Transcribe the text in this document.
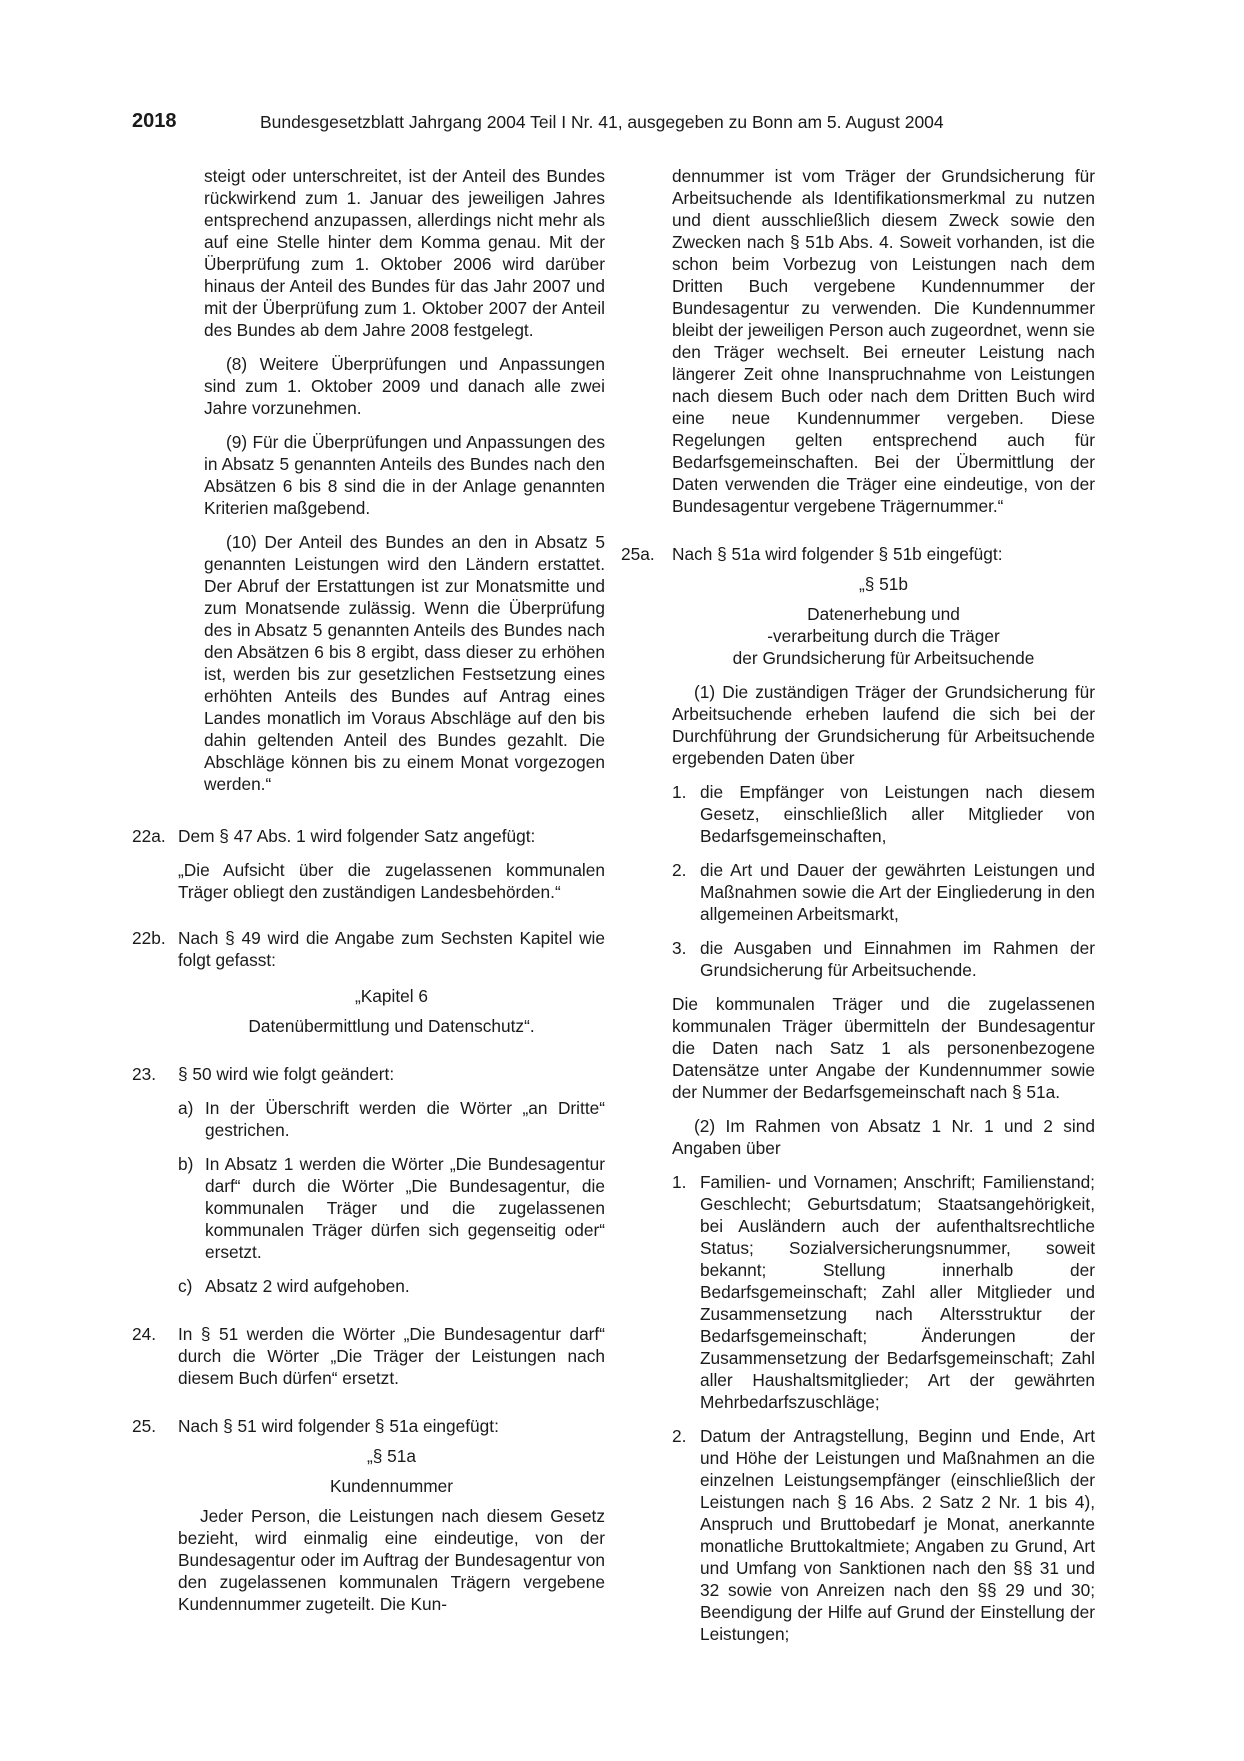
2018	Bundesgesetzblatt Jahrgang 2004 Teil I Nr. 41, ausgegeben zu Bonn am 5. August 2004

steigt oder unterschreitet, ist der Anteil des Bundes rückwirkend zum 1. Januar des jeweiligen Jahres entsprechend anzupassen, allerdings nicht mehr als auf eine Stelle hinter dem Komma genau. Mit der Überprüfung zum 1. Oktober 2006 wird darüber hinaus der Anteil des Bundes für das Jahr 2007 und mit der Überprüfung zum 1. Oktober 2007 der Anteil des Bundes ab dem Jahre 2008 festgelegt.

(8) Weitere Überprüfungen und Anpassungen sind zum 1. Oktober 2009 und danach alle zwei Jahre vorzunehmen.

(9) Für die Überprüfungen und Anpassungen des in Absatz 5 genannten Anteils des Bundes nach den Absätzen 6 bis 8 sind die in der Anlage genannten Kriterien maßgebend.

(10) Der Anteil des Bundes an den in Absatz 5 genannten Leistungen wird den Ländern erstattet. Der Abruf der Erstattungen ist zur Monatsmitte und zum Monatsende zulässig. Wenn die Überprüfung des in Absatz 5 genannten Anteils des Bundes nach den Absätzen 6 bis 8 ergibt, dass dieser zu erhöhen ist, werden bis zur gesetzlichen Festsetzung eines erhöhten Anteils des Bundes auf Antrag eines Landes monatlich im Voraus Abschläge auf den bis dahin geltenden Anteil des Bundes gezahlt. Die Abschläge können bis zu einem Monat vorgezogen werden.“

22a. Dem § 47 Abs. 1 wird folgender Satz angefügt:

„Die Aufsicht über die zugelassenen kommunalen Träger obliegt den zuständigen Landesbehörden.“

22b. Nach § 49 wird die Angabe zum Sechsten Kapitel wie folgt gefasst:

„Kapitel 6

Datenübermittlung und Datenschutz“.

23.	§ 50 wird wie folgt geändert:

a) In der Überschrift werden die Wörter „an Dritte“ gestrichen.

b) In Absatz 1 werden die Wörter „Die Bundesagentur darf“ durch die Wörter „Die Bundesagentur, die kommunalen Träger und die zugelassenen kommunalen Träger dürfen sich gegenseitig oder“ ersetzt.

c) Absatz 2 wird aufgehoben.

24.	In § 51 werden die Wörter „Die Bundesagentur darf“ durch die Wörter „Die Träger der Leistungen nach diesem Buch dürfen“ ersetzt.

25.	Nach § 51 wird folgender § 51a eingefügt:

„§ 51a

Kundennummer

Jeder Person, die Leistungen nach diesem Gesetz bezieht, wird einmalig eine eindeutige, von der Bundesagentur oder im Auftrag der Bundesagentur von den zugelassenen kommunalen Trägern vergebene Kundennummer zugeteilt. Die Kun-

dennummer ist vom Träger der Grundsicherung für Arbeitsuchende als Identifikationsmerkmal zu nutzen und dient ausschließlich diesem Zweck sowie den Zwecken nach § 51b Abs. 4. Soweit vorhanden, ist die schon beim Vorbezug von Leistungen nach dem Dritten Buch vergebene Kundennummer der Bundesagentur zu verwenden. Die Kundennummer bleibt der jeweiligen Person auch zugeordnet, wenn sie den Träger wechselt. Bei erneuter Leistung nach längerer Zeit ohne Inanspruchnahme von Leistungen nach diesem Buch oder nach dem Dritten Buch wird eine neue Kundennummer vergeben. Diese Regelungen gelten entsprechend auch für Bedarfsgemeinschaften. Bei der Übermittlung der Daten verwenden die Träger eine eindeutige, von der Bundesagentur vergebene Trägernummer.“

25a.	Nach § 51a wird folgender § 51b eingefügt:

„§ 51b

Datenerhebung und

-verarbeitung durch die Träger

der Grundsicherung für Arbeitsuchende

(1) Die zuständigen Träger der Grundsicherung für Arbeitsuchende erheben laufend die sich bei der Durchführung der Grundsicherung für Arbeitsuchende ergebenden Daten über

1. die Empfänger von Leistungen nach diesem Gesetz, einschließlich aller Mitglieder von Bedarfsgemeinschaften,

2. die Art und Dauer der gewährten Leistungen und Maßnahmen sowie die Art der Eingliederung in den allgemeinen Arbeitsmarkt,

3. die Ausgaben und Einnahmen im Rahmen der Grundsicherung für Arbeitsuchende.

Die kommunalen Träger und die zugelassenen kommunalen Träger übermitteln der Bundesagentur die Daten nach Satz 1 als personenbezogene Datensätze unter Angabe der Kundennummer sowie der Nummer der Bedarfsgemeinschaft nach § 51a.

(2) Im Rahmen von Absatz 1 Nr. 1 und 2 sind Angaben über

1. Familien- und Vornamen; Anschrift; Familienstand; Geschlecht; Geburtsdatum; Staatsangehörigkeit, bei Ausländern auch der aufenthaltsrechtliche Status; Sozialversicherungsnummer, soweit bekannt; Stellung innerhalb der Bedarfsgemeinschaft; Zahl aller Mitglieder und Zusammensetzung nach Altersstruktur der Bedarfsgemeinschaft; Änderungen der Zusammensetzung der Bedarfsgemeinschaft; Zahl aller Haushaltsmitglieder; Art der gewährten Mehrbedarfszuschläge;

2. Datum der Antragstellung, Beginn und Ende, Art und Höhe der Leistungen und Maßnahmen an die einzelnen Leistungsempfänger (einschließlich der Leistungen nach § 16 Abs. 2 Satz 2 Nr. 1 bis 4), Anspruch und Bruttobedarf je Monat, anerkannte monatliche Bruttokaltmiete; Angaben zu Grund, Art und Umfang von Sanktionen nach den §§ 31 und 32 sowie von Anreizen nach den §§ 29 und 30; Beendigung der Hilfe auf Grund der Einstellung der Leistungen;
